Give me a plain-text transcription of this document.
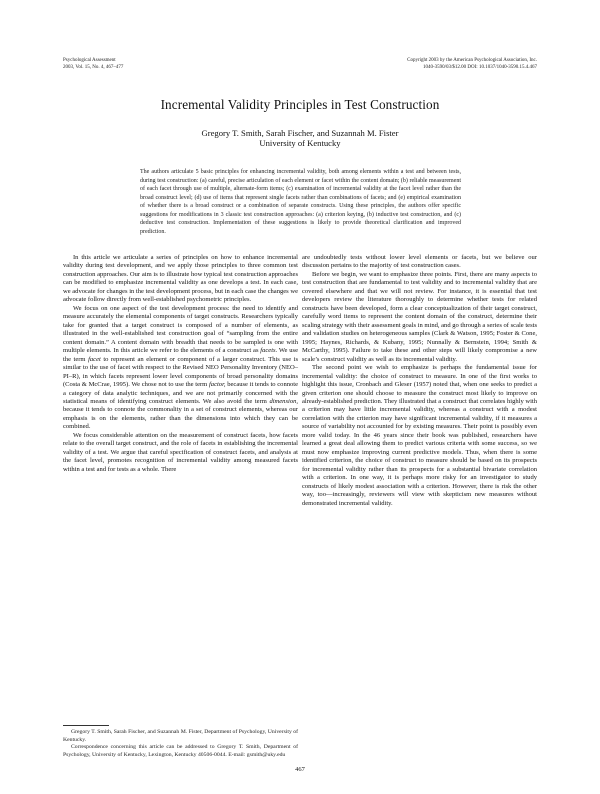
Psychological Assessment
2003, Vol. 15, No. 4, 467–477
Copyright 2003 by the American Psychological Association, Inc.
1040-3590/03/$12.00 DOI: 10.1037/1040-3590.15.4.467
Incremental Validity Principles in Test Construction
Gregory T. Smith, Sarah Fischer, and Suzannah M. Fister
University of Kentucky
The authors articulate 5 basic principles for enhancing incremental validity, both among elements within a test and between tests, during test construction: (a) careful, precise articulation of each element or facet within the content domain; (b) reliable measurement of each facet through use of multiple, alternate-form items; (c) examination of incremental validity at the facet level rather than the broad construct level; (d) use of items that represent single facets rather than combinations of facets; and (e) empirical examination of whether there is a broad construct or a combination of separate constructs. Using these principles, the authors offer specific suggestions for modifications in 3 classic test construction approaches: (a) criterion keying, (b) inductive test construction, and (c) deductive test construction. Implementation of these suggestions is likely to provide theoretical clarification and improved prediction.

In this article we articulate a series of principles on how to enhance incremental validity during test development, and we apply those principles to three common test construction approaches. Our aim is to illustrate how typical test construction approaches can be modified to emphasize incremental validity as one develops a test. In each case, we advocate for changes in the test development process, but in each case the changes we advocate follow directly from well-established psychometric principles.

We focus on one aspect of the test development process: the need to identify and measure accurately the elemental components of target constructs. Researchers typically take for granted that a target construct is composed of a number of elements, as illustrated in the well-established test construction goal of “sampling from the entire content domain.” A content domain with breadth that needs to be sampled is one with multiple elements. In this article we refer to the elements of a construct as facets. We use the term facet to represent an element or component of a larger construct. This use is similar to the use of facet with respect to the Revised NEO Personality Inventory (NEO–PI–R), in which facets represent lower level components of broad personality domains (Costa & McCrae, 1995). We chose not to use the term factor, because it tends to connote a category of data analytic techniques, and we are not primarily concerned with the statistical means of identifying construct elements. We also avoid the term dimension, because it tends to connote the commonality in a set of construct elements, whereas our emphasis is on the elements, rather than the dimensions into which they can be combined.

We focus considerable attention on the measurement of construct facets, how facets relate to the overall target construct, and the role of facets in establishing the incremental validity of a test. We argue that careful specification of construct facets, and analysis at the facet level, promotes recognition of incremental validity among measured facets within a test and for tests as a whole. There

are undoubtedly tests without lower level elements or facets, but we believe our discussion pertains to the majority of test construction cases.

Before we begin, we want to emphasize three points. First, there are many aspects to test construction that are fundamental to test validity and to incremental validity that are covered elsewhere and that we will not review. For instance, it is essential that test developers review the literature thoroughly to determine whether tests for related constructs have been developed, form a clear conceptualization of their target construct, carefully word items to represent the content domain of the construct, determine their scaling strategy with their assessment goals in mind, and go through a series of scale tests and validation studies on heterogeneous samples (Clark & Watson, 1995; Foster & Cone, 1995; Haynes, Richards, & Kubany, 1995; Nunnally & Bernstein, 1994; Smith & McCarthy, 1995). Failure to take these and other steps will likely compromise a new scale’s construct validity as well as its incremental validity.

The second point we wish to emphasize is perhaps the fundamental issue for incremental validity: the choice of construct to measure. In one of the first works to highlight this issue, Cronbach and Gleser (1957) noted that, when one seeks to predict a given criterion one should choose to measure the construct most likely to improve on already-established prediction. They illustrated that a construct that correlates highly with a criterion may have little incremental validity, whereas a construct with a modest correlation with the criterion may have significant incremental validity, if it measures a source of variability not accounted for by existing measures. Their point is possibly even more valid today. In the 46 years since their book was published, researchers have learned a great deal allowing them to predict various criteria with some success, so we must now emphasize improving current predictive models. Thus, when there is some identified criterion, the choice of construct to measure should be based on its prospects for incremental validity rather than its prospects for a substantial bivariate correlation with a criterion. In one way, it is perhaps more risky for an investigator to study constructs of likely modest association with a criterion. However, there is risk the other way, too—increasingly, reviewers will view with skepticism new measures without demonstrated incremental validity.

Gregory T. Smith, Sarah Fischer, and Suzannah M. Fister, Department of Psychology, University of Kentucky.

Correspondence concerning this article can be addressed to Gregory T. Smith, Department of Psychology, University of Kentucky, Lexington, Kentucky 40506-0044. E-mail: gsmith@uky.edu

467
